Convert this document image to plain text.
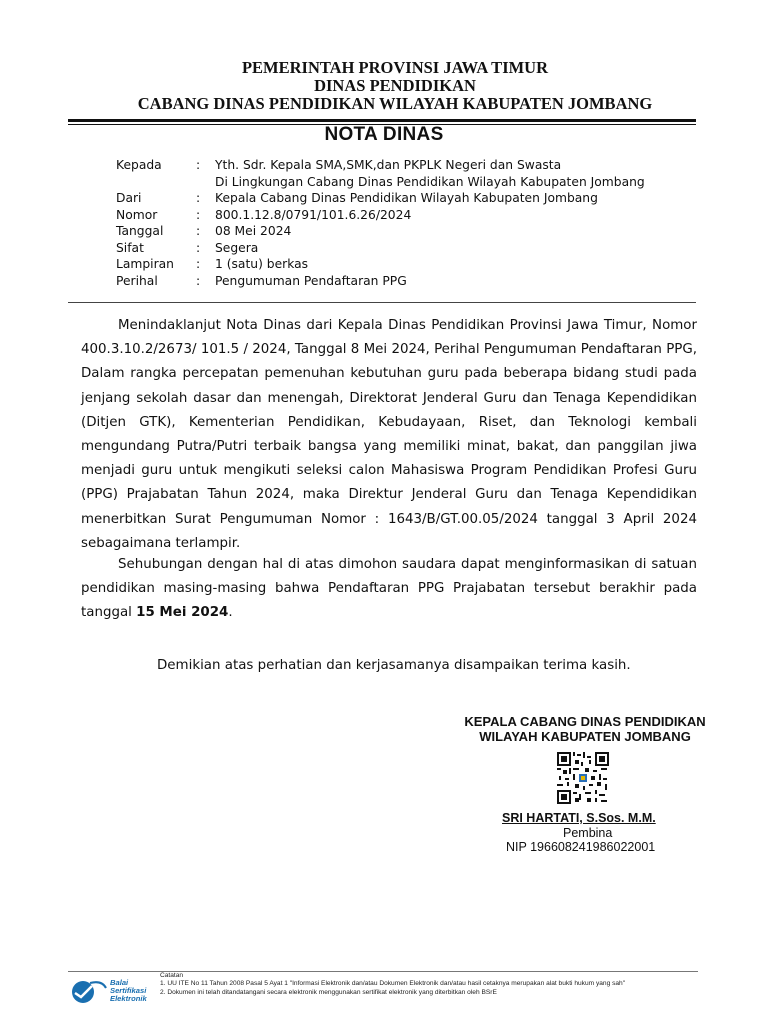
PEMERINTAH PROVINSI JAWA TIMUR
DINAS PENDIDIKAN
CABANG DINAS PENDIDIKAN WILAYAH KABUPATEN JOMBANG
NOTA DINAS
Kepada	: Yth. Sdr. Kepala SMA,SMK,dan PKPLK Negeri dan Swasta
Di Lingkungan Cabang Dinas Pendidikan Wilayah Kabupaten Jombang
Dari	: Kepala Cabang Dinas Pendidikan Wilayah Kabupaten Jombang
Nomor	: 800.1.12.8/0791/101.6.26/2024
Tanggal	: 08 Mei 2024
Sifat	: Segera
Lampiran : 1 (satu) berkas
Perihal	: Pengumuman Pendaftaran PPG
Menindaklanjut Nota Dinas dari Kepala Dinas Pendidikan Provinsi Jawa Timur, Nomor 400.3.10.2/2673/ 101.5 / 2024, Tanggal 8 Mei 2024, Perihal Pengumuman Pendaftaran PPG, Dalam rangka percepatan pemenuhan kebutuhan guru pada beberapa bidang studi pada jenjang sekolah dasar dan menengah, Direktorat Jenderal Guru dan Tenaga Kependidikan (Ditjen GTK), Kementerian Pendidikan, Kebudayaan, Riset, dan Teknologi kembali mengundang Putra/Putri terbaik bangsa yang memiliki minat, bakat, dan panggilan jiwa menjadi guru untuk mengikuti seleksi calon Mahasiswa Program Pendidikan Profesi Guru (PPG) Prajabatan Tahun 2024, maka Direktur Jenderal Guru dan Tenaga Kependidikan menerbitkan Surat Pengumuman Nomor : 1643/B/GT.00.05/2024 tanggal 3 April 2024 sebagaimana terlampir.
Sehubungan dengan hal di atas dimohon saudara dapat menginformasikan di satuan pendidikan masing-masing bahwa Pendaftaran PPG Prajabatan tersebut berakhir pada tanggal 15 Mei 2024.
Demikian atas perhatian dan kerjasamanya disampaikan terima kasih.
KEPALA CABANG DINAS PENDIDIKAN
WILAYAH KABUPATEN JOMBANG
SRI HARTATI, S.Sos. M.M.
Pembina
NIP 196608241986022001
Balai
Sertifikasi
Elektronik
Catatan
1. UU ITE No 11 Tahun 2008 Pasal 5 Ayat 1 "Informasi Elektronik dan/atau Dokumen Elektronik dan/atau hasil cetaknya merupakan alat bukti hukum yang sah"
2. Dokumen ini telah ditandatangani secara elektronik menggunakan sertifikat elektronik yang diterbitkan oleh BSrE
